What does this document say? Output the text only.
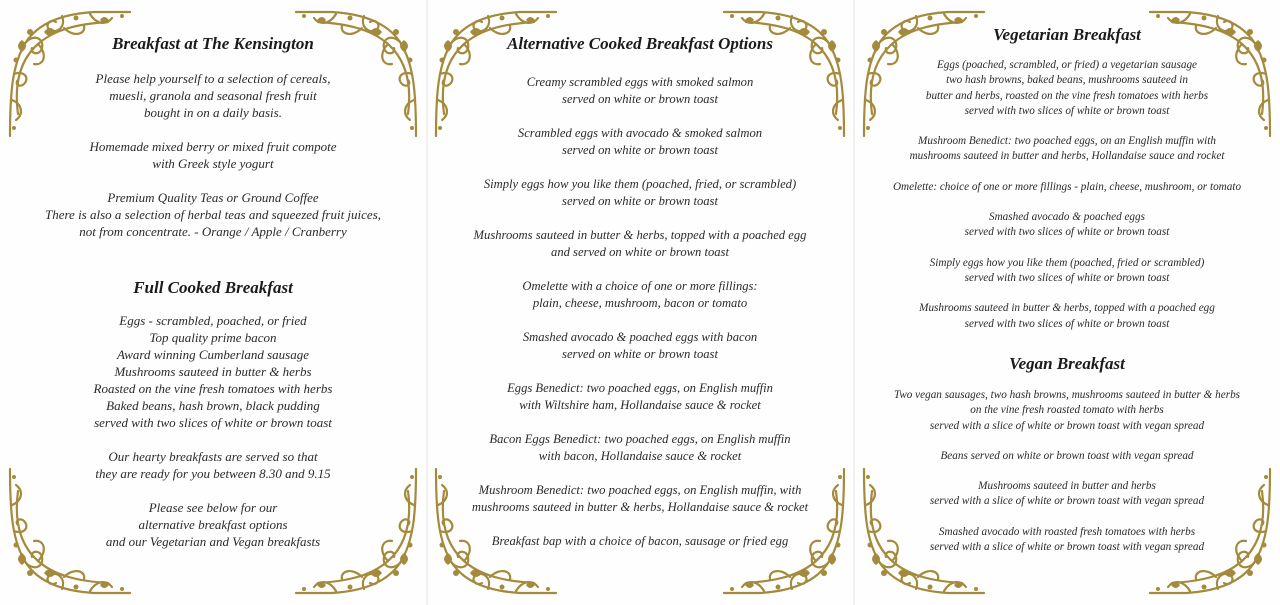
Breakfast at The Kensington

Please help yourself to a selection of cereals,

muesli, granola and seasonal fresh fruit

bought in on a daily basis.

Homemade mixed berry or mixed fruit compote

with Greek style yogurt

Premium Quality Teas or Ground Coffee

There is also a selection of herbal teas and squeezed fruit juices,

not from concentrate. - Orange / Apple / Cranberry

Full Cooked Breakfast

Eggs - scrambled, poached, or fried

Top quality prime bacon

Award winning Cumberland sausage

Mushrooms sauteed in butter & herbs

Roasted on the vine fresh tomatoes with herbs

Baked beans, hash brown, black pudding

served with two slices of white or brown toast

Our hearty breakfasts are served so that

they are ready for you between 8.30 and 9.15

Please see below for our

alternative breakfast options

and our Vegetarian and Vegan breakfasts

Alternative Cooked Breakfast Options

Creamy scrambled eggs with smoked salmon

served on white or brown toast

Scrambled eggs with avocado & smoked salmon

served on white or brown toast

Simply eggs how you like them (poached, fried, or scrambled)

served on white or brown toast

Mushrooms sauteed in butter & herbs, topped with a poached egg

and served on white or brown toast

Omelette with a choice of one or more fillings:

plain, cheese, mushroom, bacon or tomato

Smashed avocado & poached eggs with bacon

served on white or brown toast

Eggs Benedict: two poached eggs, on English muffin

with Wiltshire ham, Hollandaise sauce & rocket

Bacon Eggs Benedict: two poached eggs, on English muffin

with bacon, Hollandaise sauce & rocket

Mushroom Benedict: two poached eggs, on English muffin, with

mushrooms sauteed in butter & herbs, Hollandaise sauce & rocket

Breakfast bap with a choice of bacon, sausage or fried egg

Vegetarian Breakfast

Eggs (poached, scrambled, or fried) a vegetarian sausage

two hash browns, baked beans, mushrooms sauteed in

butter and herbs, roasted on the vine fresh tomatoes with herbs

served with two slices of white or brown toast

Mushroom Benedict: two poached eggs, on an English muffin with

mushrooms sauteed in butter and herbs, Hollandaise sauce and rocket

Omelette: choice of one or more fillings - plain, cheese, mushroom, or tomato

Smashed avocado & poached eggs

served with two slices of white or brown toast

Simply eggs how you like them (poached, fried or scrambled)

served with two slices of white or brown toast

Mushrooms sauteed in butter & herbs, topped with a poached egg

served with two slices of white or brown toast

Vegan Breakfast

Two vegan sausages, two hash browns, mushrooms sauteed in butter & herbs

on the vine fresh roasted tomato with herbs

served with a slice of white or brown toast with vegan spread

Beans served on white or brown toast with vegan spread

Mushrooms sauteed in butter and herbs

served with a slice of white or brown toast with vegan spread

Smashed avocado with roasted fresh tomatoes with herbs

served with a slice of white or brown toast with vegan spread
